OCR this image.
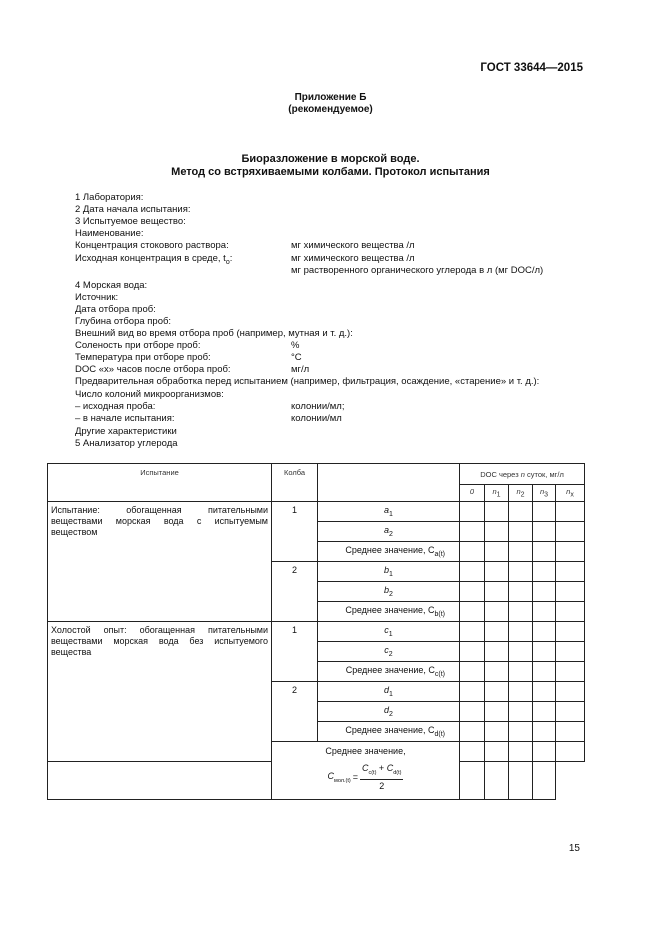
ГОСТ 33644—2015
Приложение Б
(рекомендуемое)
Биоразложение в морской воде.
Метод со встряхиваемыми колбами. Протокол испытания
1 Лаборатория:
2 Дата начала испытания:
3 Испытуемое вещество:
Наименование:
Концентрация стокового раствора:	мг химического вещества /л
Исходная концентрация в среде, $t_o$:	мг химического вещества /л
мг растворенного органического углерода в л (мг DOC/л)
4 Морская вода:
Источник:
Дата отбора проб:
Глубина отбора проб:
Внешний вид во время отбора проб (например, мутная и т. д.):
Соленость при отборе проб:	%
Температура при отборе проб:	°C
DOC «x» часов после отбора проб:	мг/л
Предварительная обработка перед испытанием (например, фильтрация, осаждение, «старение» и т. д.):
Число колоний микроорганизмов:
– исходная проба:	колонии/мл;
– в начале испытания:	колонии/мл
Другие характеристики
5 Анализатор углерода
Испытание	Колба		DOC через n суток, мг/л				
			0	$n_1$	$n_2$	$n_3$	$n_x$
Испытание: обогащенная питательными веществами морская вода с испытуемым веществом	1	$a_1$					
		$a_2$					
		Среднее значение, $C_{a(t)}$					
	2	$b_1$					
		$b_2$					
		Среднее значение, $C_{b(t)}$					
Холостой опыт: обогащенная питательными веществами морская вода без испытуемого вещества	1	$c_1$					
		$c_2$					
		Среднее значение, $C_{c(t)}$					
	2	$d_1$					
		$d_2$					
		Среднее значение, $C_{d(t)}$					

	Среднее значение,
$C_{мол.(t)} = \frac{C_{c(t)} + C_{d(t)}}{2}$

15
